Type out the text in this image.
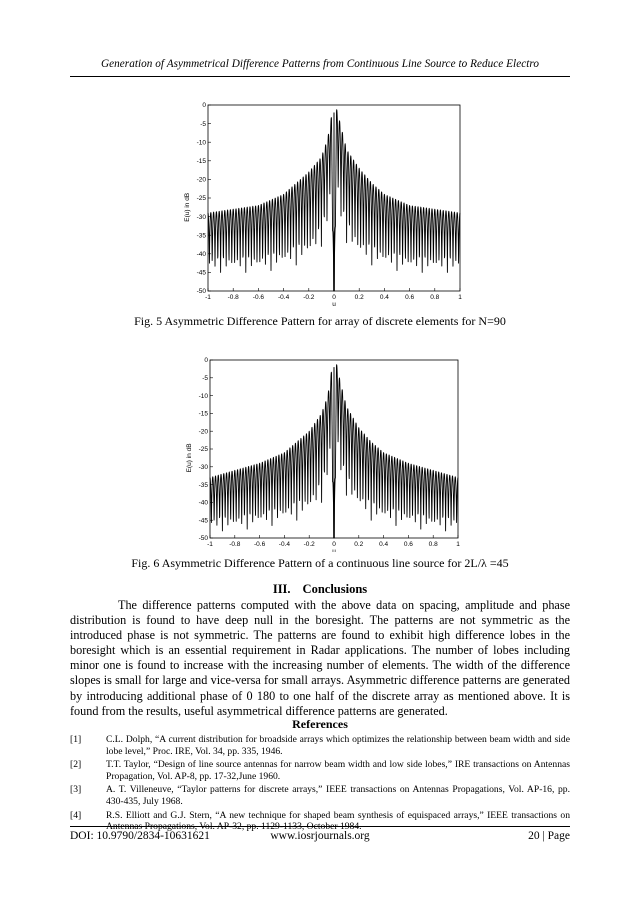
Generation of Asymmetrical Difference Patterns from Continuous Line Source to Reduce Electro
0
-5
-10
-15
-20
-25
-30
-35
-40
-45
-50
-1	-0.8 -0.6 -0.4 -0.2	0	0.2 0.4 0.6 0.8	1
u
E(u) in dB
Fig. 5 Asymmetric Difference Pattern for array of discrete elements for N=90
0
-5
-10
-15
-20
-25
-30
-35
-40
-45
-50
-1	-0.8 -0.6 -0.4 -0.2	0	0.2 0.4 0.6 0.8	1
u
E(u) in dB
Fig. 6 Asymmetric Difference Pattern of a continuous line source for 2L/λ =45
III. Conclusions

The difference patterns computed with the above data on spacing, amplitude and phase distribution is found to have deep null in the boresight. The patterns are not symmetric as the introduced phase is not symmetric. The patterns are found to exhibit high difference lobes in the boresight which is an essential requirement in Radar applications. The number of lobes including minor one is found to increase with the increasing number of elements. The width of the difference slopes is small for large and vice-versa for small arrays. Asymmetric difference patterns are generated by introducing additional phase of 0 180 to one half of the discrete array as mentioned above. It is found from the results, useful asymmetrical difference patterns are generated.

References
[1]	C.L. Dolph, “A current distribution for broadside arrays which optimizes the relationship between beam width and side lobe level,” Proc. IRE, Vol. 34, pp. 335, 1946.
[2]	T.T. Taylor, “Design of line source antennas for narrow beam width and low side lobes,” IRE transactions on Antennas Propagation, Vol. AP-8, pp. 17-32,June 1960.
[3]	A. T. Villeneuve, “Taylor patterns for discrete arrays,” IEEE transactions on Antennas Propagations, Vol. AP-16, pp. 430-435, July 1968.
[4]	R.S. Elliott and G.J. Stern, “A new technique for shaped beam synthesis of equispaced arrays,” IEEE transactions on Antennas Propagations, Vol. AP-32, pp. 1129-1133, October 1984.
DOI: 10.9790/2834-10631621	www.iosrjournals.org	20 | Page
